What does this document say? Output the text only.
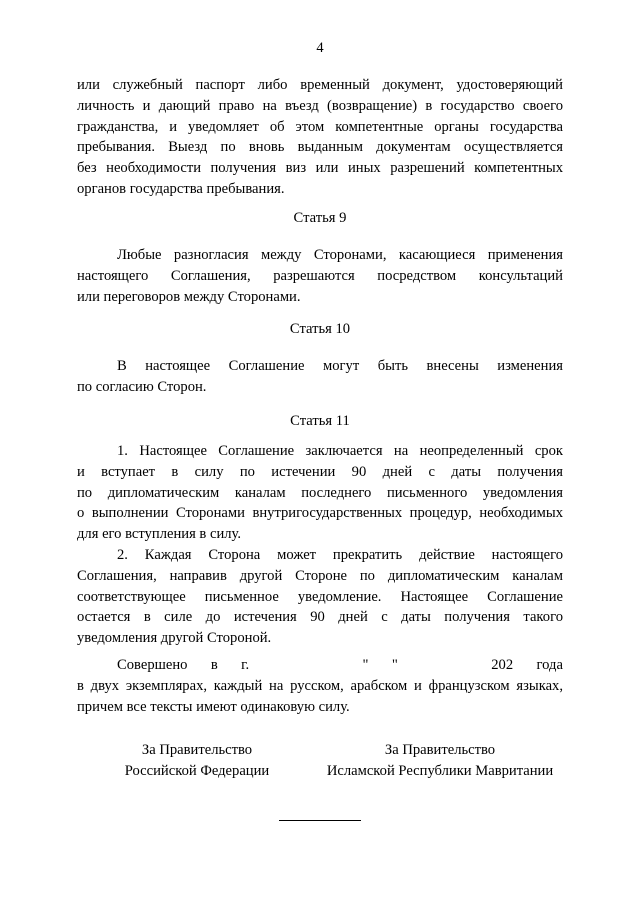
4
или служебный паспорт либо временный документ, удостоверяющий
личность и дающий право на въезд (возвращение) в государство своего
гражданства, и уведомляет об этом компетентные органы государства
пребывания. Выезд по вновь выданным документам осуществляется
без необходимости получения виз или иных разрешений компетентных
органов государства пребывания.
Статья 9
Любые разногласия между Сторонами, касающиеся применения
настоящего Соглашения, разрешаются посредством консультаций
или переговоров между Сторонами.
Статья 10
В настоящее Соглашение могут быть внесены изменения
по согласию Сторон.
Статья 11
1. Настоящее Соглашение заключается на неопределенный срок
и вступает в силу по истечении 90 дней с даты получения
по дипломатическим каналам последнего письменного уведомления
о выполнении Сторонами внутригосударственных процедур, необходимых
для его вступления в силу.
2. Каждая Сторона может прекратить действие настоящего
Соглашения, направив другой Стороне по дипломатическим каналам
соответствующее письменное уведомление. Настоящее Соглашение
остается в силе до истечения 90 дней с даты получения такого
уведомления другой Стороной.
Совершено в г.	" "	202 года
в двух экземплярах, каждый на русском, арабском и французском языках,
причем все тексты имеют одинаковую силу.
За Правительство
Российской Федерации
За Правительство
Исламской Республики Мавритании
